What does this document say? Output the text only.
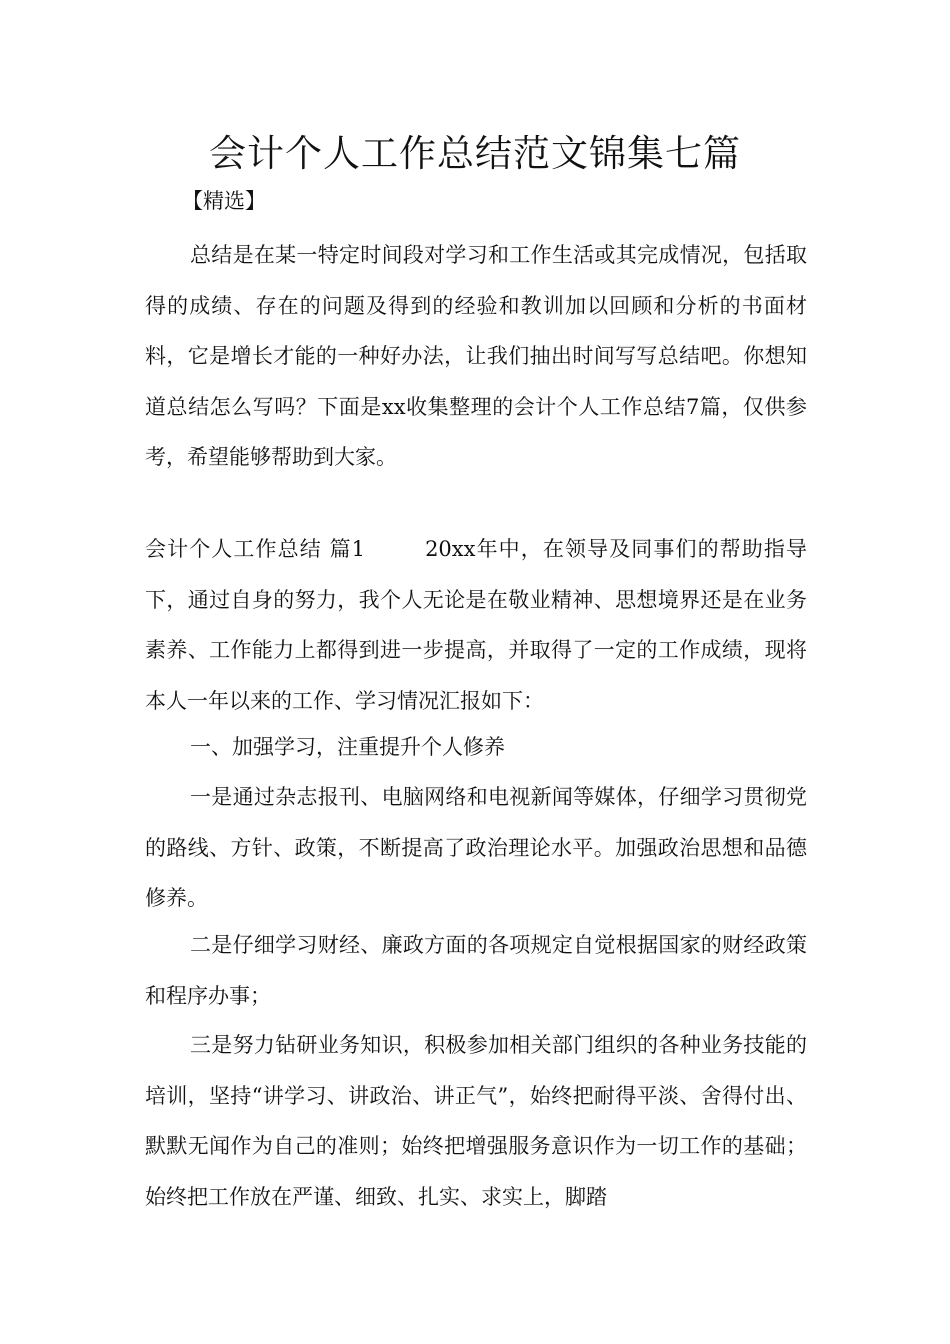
会计个人工作总结范文锦集七篇
【精选】

总结是在某一特定时间段对学习和工作生活或其完成情况，包括取得的成绩、存在的问题及得到的经验和教训加以回顾和分析的书面材料，它是增长才能的一种好办法，让我们抽出时间写写总结吧。你想知道总结怎么写吗？下面是xx收集整理的会计个人工作总结7篇，仅供参考，希望能够帮助到大家。

会计个人工作总结 篇1	20xx年中，在领导及同事们的帮助指导下，通过自身的努力，我个人无论是在敬业精神、思想境界还是在业务素养、工作能力上都得到进一步提高，并取得了一定的工作成绩，现将本人一年以来的工作、学习情况汇报如下：

一、加强学习，注重提升个人修养

一是通过杂志报刊、电脑网络和电视新闻等媒体，仔细学习贯彻党的路线、方针、政策，不断提高了政治理论水平。加强政治思想和品德修养。

二是仔细学习财经、廉政方面的各项规定自觉根据国家的财经政策和程序办事；

三是努力钻研业务知识，积极参加相关部门组织的各种业务技能的培训，坚持“讲学习、讲政治、讲正气”，始终把耐得平淡、舍得付出、默默无闻作为自己的准则；始终把增强服务意识作为一切工作的基础；始终把工作放在严谨、细致、扎实、求实上，脚踏
